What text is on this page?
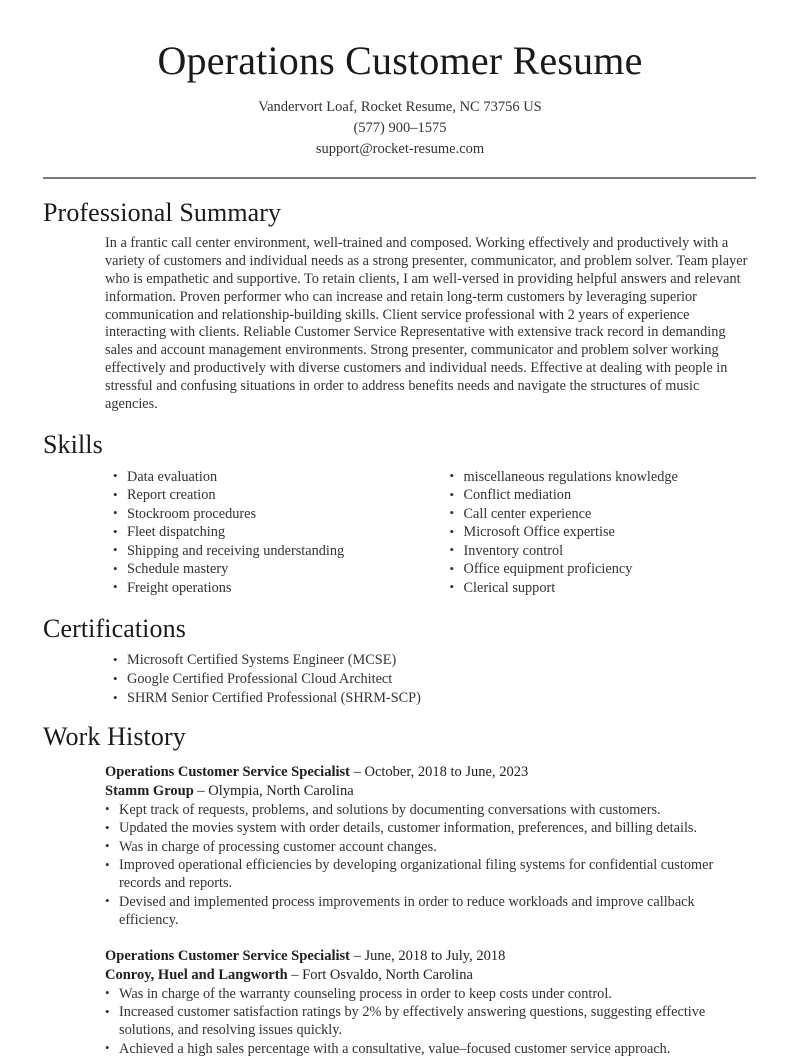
Operations Customer Resume
Vandervort Loaf, Rocket Resume, NC 73756 US
(577) 900–1575
support@rocket-resume.com
Professional Summary

In a frantic call center environment, well-trained and composed. Working effectively and productively with a variety of customers and individual needs as a strong presenter, communicator, and problem solver. Team player who is empathetic and supportive. To retain clients, I am well-versed in providing helpful answers and relevant information. Proven performer who can increase and retain long-term customers by leveraging superior communication and relationship-building skills. Client service professional with 2 years of experience interacting with clients. Reliable Customer Service Representative with extensive track record in demanding sales and account management environments. Strong presenter, communicator and problem solver working effectively and productively with diverse customers and individual needs. Effective at dealing with people in stressful and confusing situations in order to address benefits needs and navigate the structures of music agencies.

Skills
• Data evaluation
• Report creation
• Stockroom procedures
• Fleet dispatching
• Shipping and receiving understanding
• Schedule mastery
• Freight operations
• miscellaneous regulations knowledge
• Conflict mediation
• Call center experience
• Microsoft Office expertise
• Inventory control
• Office equipment proficiency
• Clerical support
Certifications
• Microsoft Certified Systems Engineer (MCSE)
• Google Certified Professional Cloud Architect
• SHRM Senior Certified Professional (SHRM-SCP)
Work History
Operations Customer Service Specialist – October, 2018 to June, 2023
Stamm Group – Olympia, North Carolina
• Kept track of requests, problems, and solutions by documenting conversations with customers.
• Updated the movies system with order details, customer information, preferences, and billing details.
• Was in charge of processing customer account changes.
• Improved operational efficiencies by developing organizational filing systems for confidential customer records and reports.
• Devised and implemented process improvements in order to reduce workloads and improve callback efficiency.
Operations Customer Service Specialist – June, 2018 to July, 2018
Conroy, Huel and Langworth – Fort Osvaldo, North Carolina
• Was in charge of the warranty counseling process in order to keep costs under control.
• Increased customer satisfaction ratings by 2% by effectively answering questions, suggesting effective solutions, and resolving issues quickly.
• Achieved a high sales percentage with a consultative, value–focused customer service approach.
